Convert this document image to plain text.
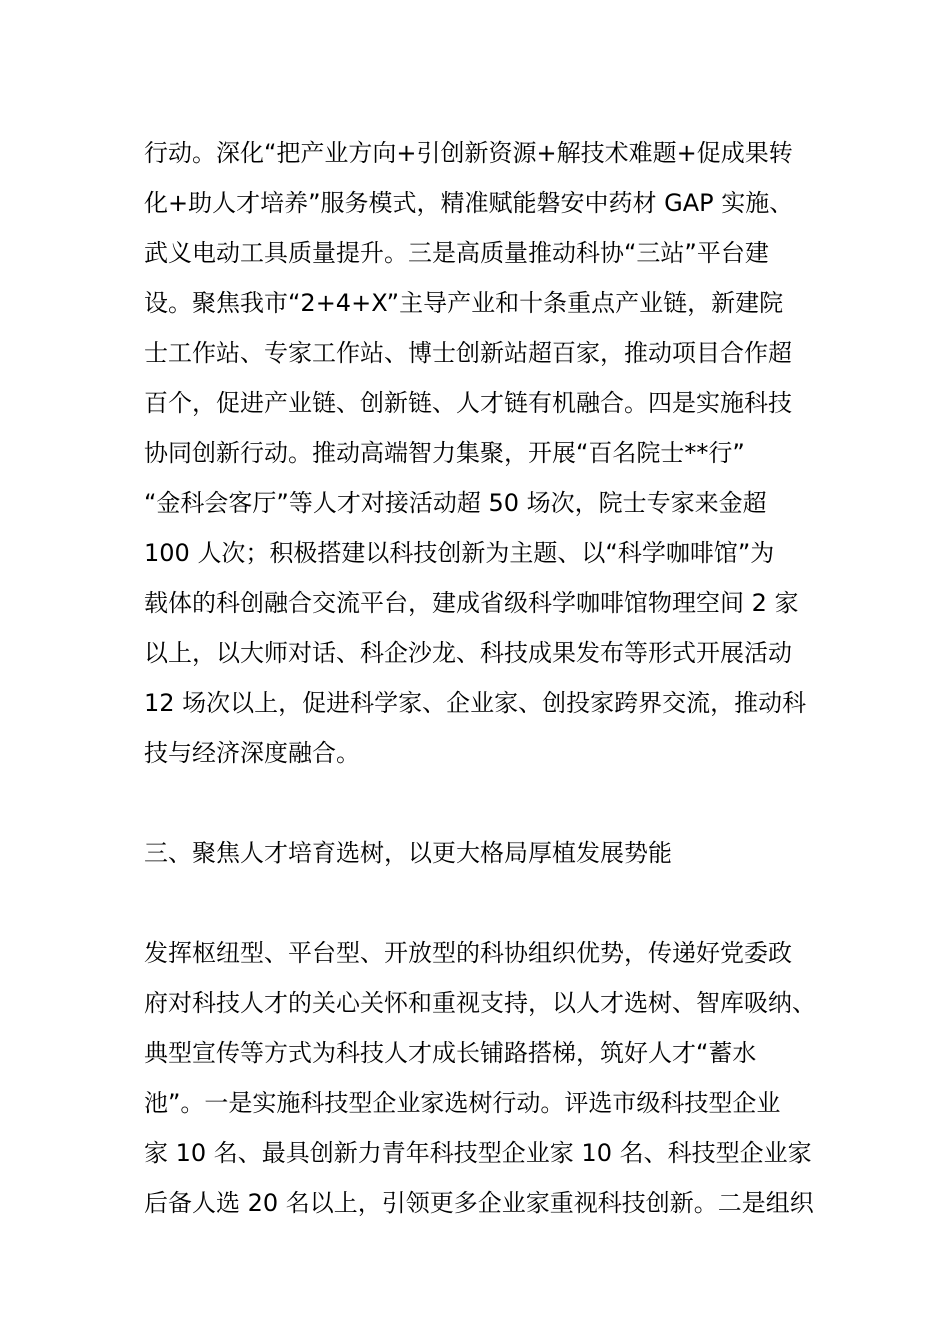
行动。深化“把产业方向+引创新资源+解技术难题+促成果转
化+助人才培养”服务模式，精准赋能磐安中药材 GAP 实施、
武义电动工具质量提升。三是高质量推动科协“三站”平台建
设。聚焦我市“2+4+X”主导产业和十条重点产业链，新建院
士工作站、专家工作站、博士创新站超百家，推动项目合作超
百个，促进产业链、创新链、人才链有机融合。四是实施科技
协同创新行动。推动高端智力集聚，开展“百名院士**行”
“金科会客厅”等人才对接活动超 50 场次，院士专家来金超
100 人次；积极搭建以科技创新为主题、以“科学咖啡馆”为
载体的科创融合交流平台，建成省级科学咖啡馆物理空间 2 家
以上，以大师对话、科企沙龙、科技成果发布等形式开展活动
12 场次以上，促进科学家、企业家、创投家跨界交流，推动科
技与经济深度融合。
三、聚焦人才培育选树，以更大格局厚植发展势能
发挥枢纽型、平台型、开放型的科协组织优势，传递好党委政
府对科技人才的关心关怀和重视支持，以人才选树、智库吸纳、
典型宣传等方式为科技人才成长铺路搭梯，筑好人才“蓄水
池”。一是实施科技型企业家选树行动。评选市级科技型企业
家 10 名、最具创新力青年科技型企业家 10 名、科技型企业家
后备人选 20 名以上，引领更多企业家重视科技创新。二是组织
